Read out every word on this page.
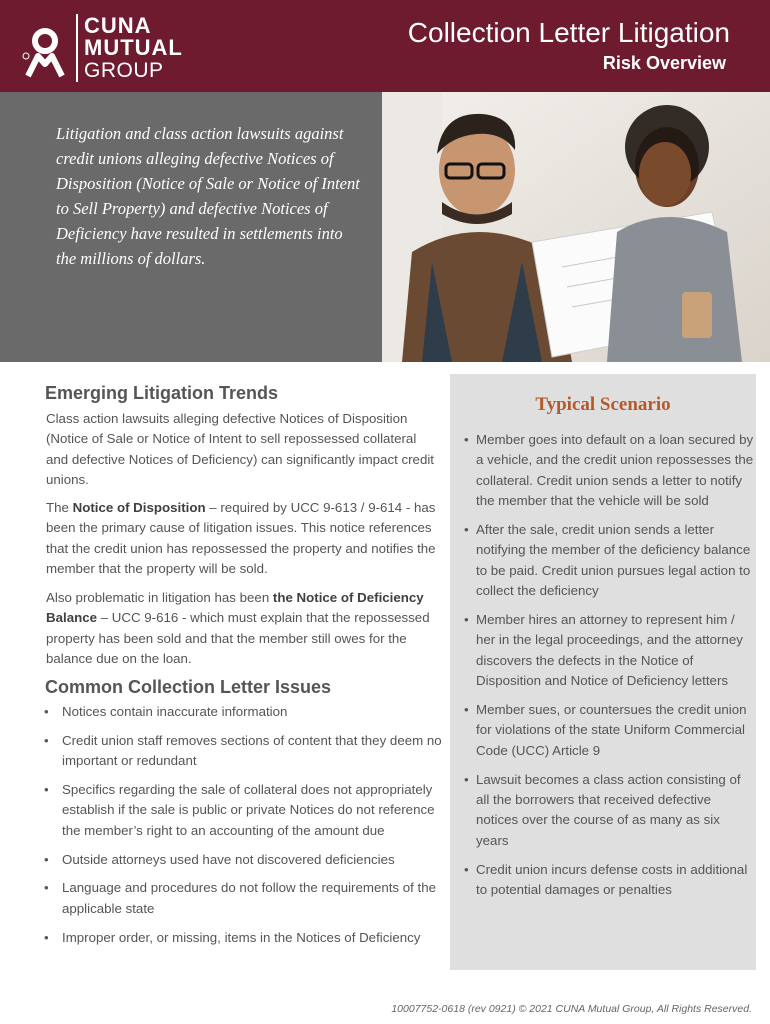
CUNA
MUTUAL
GROUP
Collection Letter Litigation
Risk Overview

Litigation and class action lawsuits against credit unions alleging defective Notices of Disposition (Notice of Sale or Notice of Intent to Sell Property) and defective Notices of Deficiency have resulted in settlements into the millions of dollars.

Emerging Litigation Trends

Class action lawsuits alleging defective Notices of Disposition (Notice of Sale or Notice of Intent to sell repossessed collateral and defective Notices of Deficiency) can significantly impact credit unions.

The Notice of Disposition – required by UCC 9-613 / 9-614 - has been the primary cause of litigation issues. This notice references that the credit union has repossessed the property and notifies the member that the property will be sold.

Also problematic in litigation has been the Notice of Deficiency Balance – UCC 9-616 - which must explain that the repossessed property has been sold and that the member still owes for the balance due on the loan.

Common Collection Letter Issues
• Notices contain inaccurate information
• Credit union staff removes sections of content that they deem no important or redundant
• Specifics regarding the sale of collateral does not appropriately establish if the sale is public or private Notices do not reference the member’s right to an accounting of the amount due
• Outside attorneys used have not discovered deficiencies
• Language and procedures do not follow the requirements of the applicable state
• Improper order, or missing, items in the Notices of Deficiency
Typical Scenario
• Member goes into default on a loan secured by a vehicle, and the credit union repossesses the collateral. Credit union sends a letter to notify the member that the vehicle will be sold
• After the sale, credit union sends a letter notifying the member of the deficiency balance to be paid. Credit union pursues legal action to collect the deficiency
• Member hires an attorney to represent him / her in the legal proceedings, and the attorney discovers the defects in the Notice of Disposition and Notice of Deficiency letters
• Member sues, or countersues the credit union for violations of the state Uniform Commercial Code (UCC) Article 9
• Lawsuit becomes a class action consisting of all the borrowers that received defective notices over the course of as many as six years
• Credit union incurs defense costs in additional to potential damages or penalties
10007752-0618 (rev 0921) © 2021 CUNA Mutual Group, All Rights Reserved.
